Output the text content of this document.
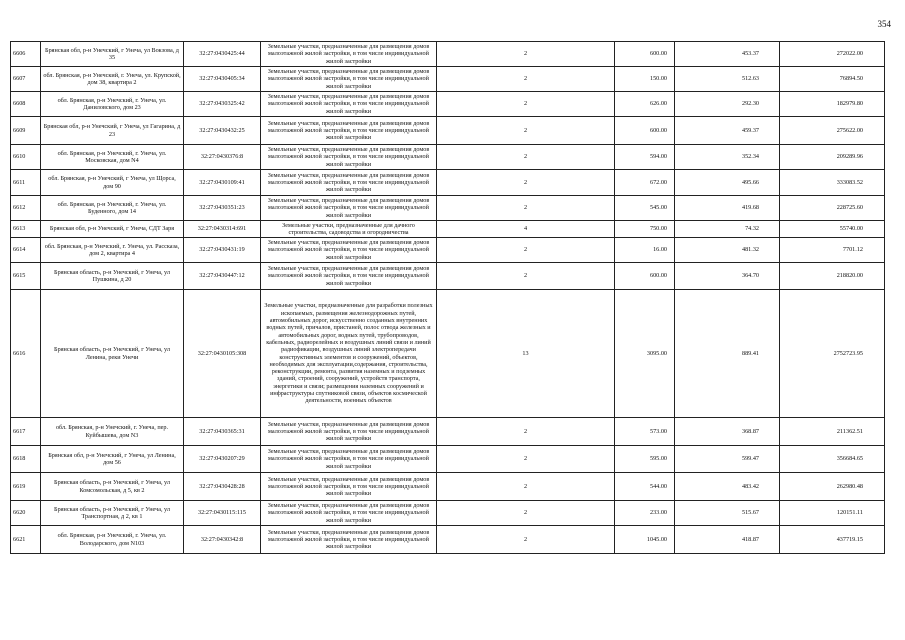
354
6606	Брянская обл, р-н Унечский, г Унеча, ул Вокзова, д 35	32:27:0430425:44	Земельные участки, предназначенные для размещения домов малоэтажной жилой застройки, в том числе индивидуальной жилой застройки	2	600.00	453.37	272022.00
6607	обл. Брянская, р-н Унечский, г. Унеча, ул. Крупской, дом 38, квартира 2	32:27:0430405:34	Земельные участки, предназначенные для размещения домов малоэтажной жилой застройки, в том числе индивидуальной жилой застройки	2	150.00	512.63	76894.50
6608	обл. Брянская, р-н Унечский, г. Унеча, ул. Даниловского, дом 23	32:27:0430325:42	Земельные участки, предназначенные для размещения домов малоэтажной жилой застройки, в том числе индивидуальной жилой застройки	2	626.00	292.30	182979.80
6609	Брянская обл, р-н Унечский, г Унеча, ул Гагарина, д 23	32:27:0430432:25	Земельные участки, предназначенные для размещения домов малоэтажной жилой застройки, в том числе индивидуальной жилой застройки	2	600.00	459.37	275622.00
6610	обл. Брянская, р-н Унечский, г. Унеча, ул. Московская, дом N4	32:27:0430376:8	Земельные участки, предназначенные для размещения домов малоэтажной жилой застройки, в том числе индивидуальной жилой застройки	2	594.00	352.34	209289.96
6611	обл. Брянская, р-н Унечский, г Унеча, ул Щорса, дом 90	32:27:0430109:41	Земельные участки, предназначенные для размещения домов малоэтажной жилой застройки, в том числе индивидуальной жилой застройки	2	672.00	495.66	333083.52
6612	обл. Брянская, р-н Унечский, г. Унеча, ул. Буденного, дом 14	32:27:0430351:23	Земельные участки, предназначенные для размещения домов малоэтажной жилой застройки, в том числе индивидуальной жилой застройки	2	545.00	419.68	228725.60
6613	Брянская обл, р-н Унечский, г Унеча, СДТ Заря	32:27:0430314:691	Земельные участки, предназначенные для дачного строительства, садоводства и огородничества	4	750.00	74.32	55740.00
6614	обл. Брянская, р-н Унечский, г. Унеча, ул. Рассказа, дом 2, квартира 4	32:27:0430431:19	Земельные участки, предназначенные для размещения домов малоэтажной жилой застройки, в том числе индивидуальной жилой застройки	2	16.00	481.32	7701.12
6615	Брянская область, р-н Унечский, г Унеча, ул Пушкина, д 20	32:27:0430447:12	Земельные участки, предназначенные для размещения домов малоэтажной жилой застройки, в том числе индивидуальной жилой застройки	2	600.00	364.70	218820.00
6616	Брянская область, р-н Унечский, г Унеча, ул Ленина, реки Унечи	32:27:0430105:308	Земельные участки, предназначенные для разработки полезных ископаемых, размещения железнодорожных путей, автомобильных дорог, искусственно созданных внутренних водных путей, причалов, пристаней, полос отвода железных и автомобильных дорог, водных путей, трубопроводов, кабельных, радиорелейных и воздушных линий связи и линий радиофикации, воздушных линий электропередачи конструктивных элементов и сооружений, объектов, необходимых для эксплуатации,содержания, строительства, реконструкции, ремонта, развития наземных и подземных зданий, строений, сооружений, устройств транспорта, энергетики и связи; размещения наземных сооружений и инфраструктуры спутниковой связи, объектов космической деятельности, военных объектов	13	3095.00	889.41	2752723.95
6617	обл. Брянская, р-н Унечский, г. Унеча, пер. Куйбышева, дом N3	32:27:0430365:31	Земельные участки, предназначенные для размещения домов малоэтажной жилой застройки, в том числе индивидуальной жилой застройки	2	573.00	368.87	211362.51
6618	Брянская обл, р-н Унечский, г Унеча, ул Ленина, дом 56	32:27:0430207:29	Земельные участки, предназначенные для размещения домов малоэтажной жилой застройки, в том числе индивидуальной жилой застройки	2	595.00	599.47	356684.65
6619	Брянская область, р-н Унечский, г Унеча, ул Комсомольская, д 5, кв 2	32:27:0430428:28	Земельные участки, предназначенные для размещения домов малоэтажной жилой застройки, в том числе индивидуальной жилой застройки	2	544.00	483.42	262980.48
6620	Брянская область, р-н Унечский, г Унеча, ул Транспортная, д 2, кв 1	32:27:0430115:115	Земельные участки, предназначенные для размещения домов малоэтажной жилой застройки, в том числе индивидуальной жилой застройки	2	233.00	515.67	120151.11
6621	обл. Брянская, р-н Унечский, г. Унеча, ул. Володарского, дом N103	32:27:0430342:8	Земельные участки, предназначенные для размещения домов малоэтажной жилой застройки, в том числе индивидуальной жилой застройки	2	1045.00	418.87	437719.15
